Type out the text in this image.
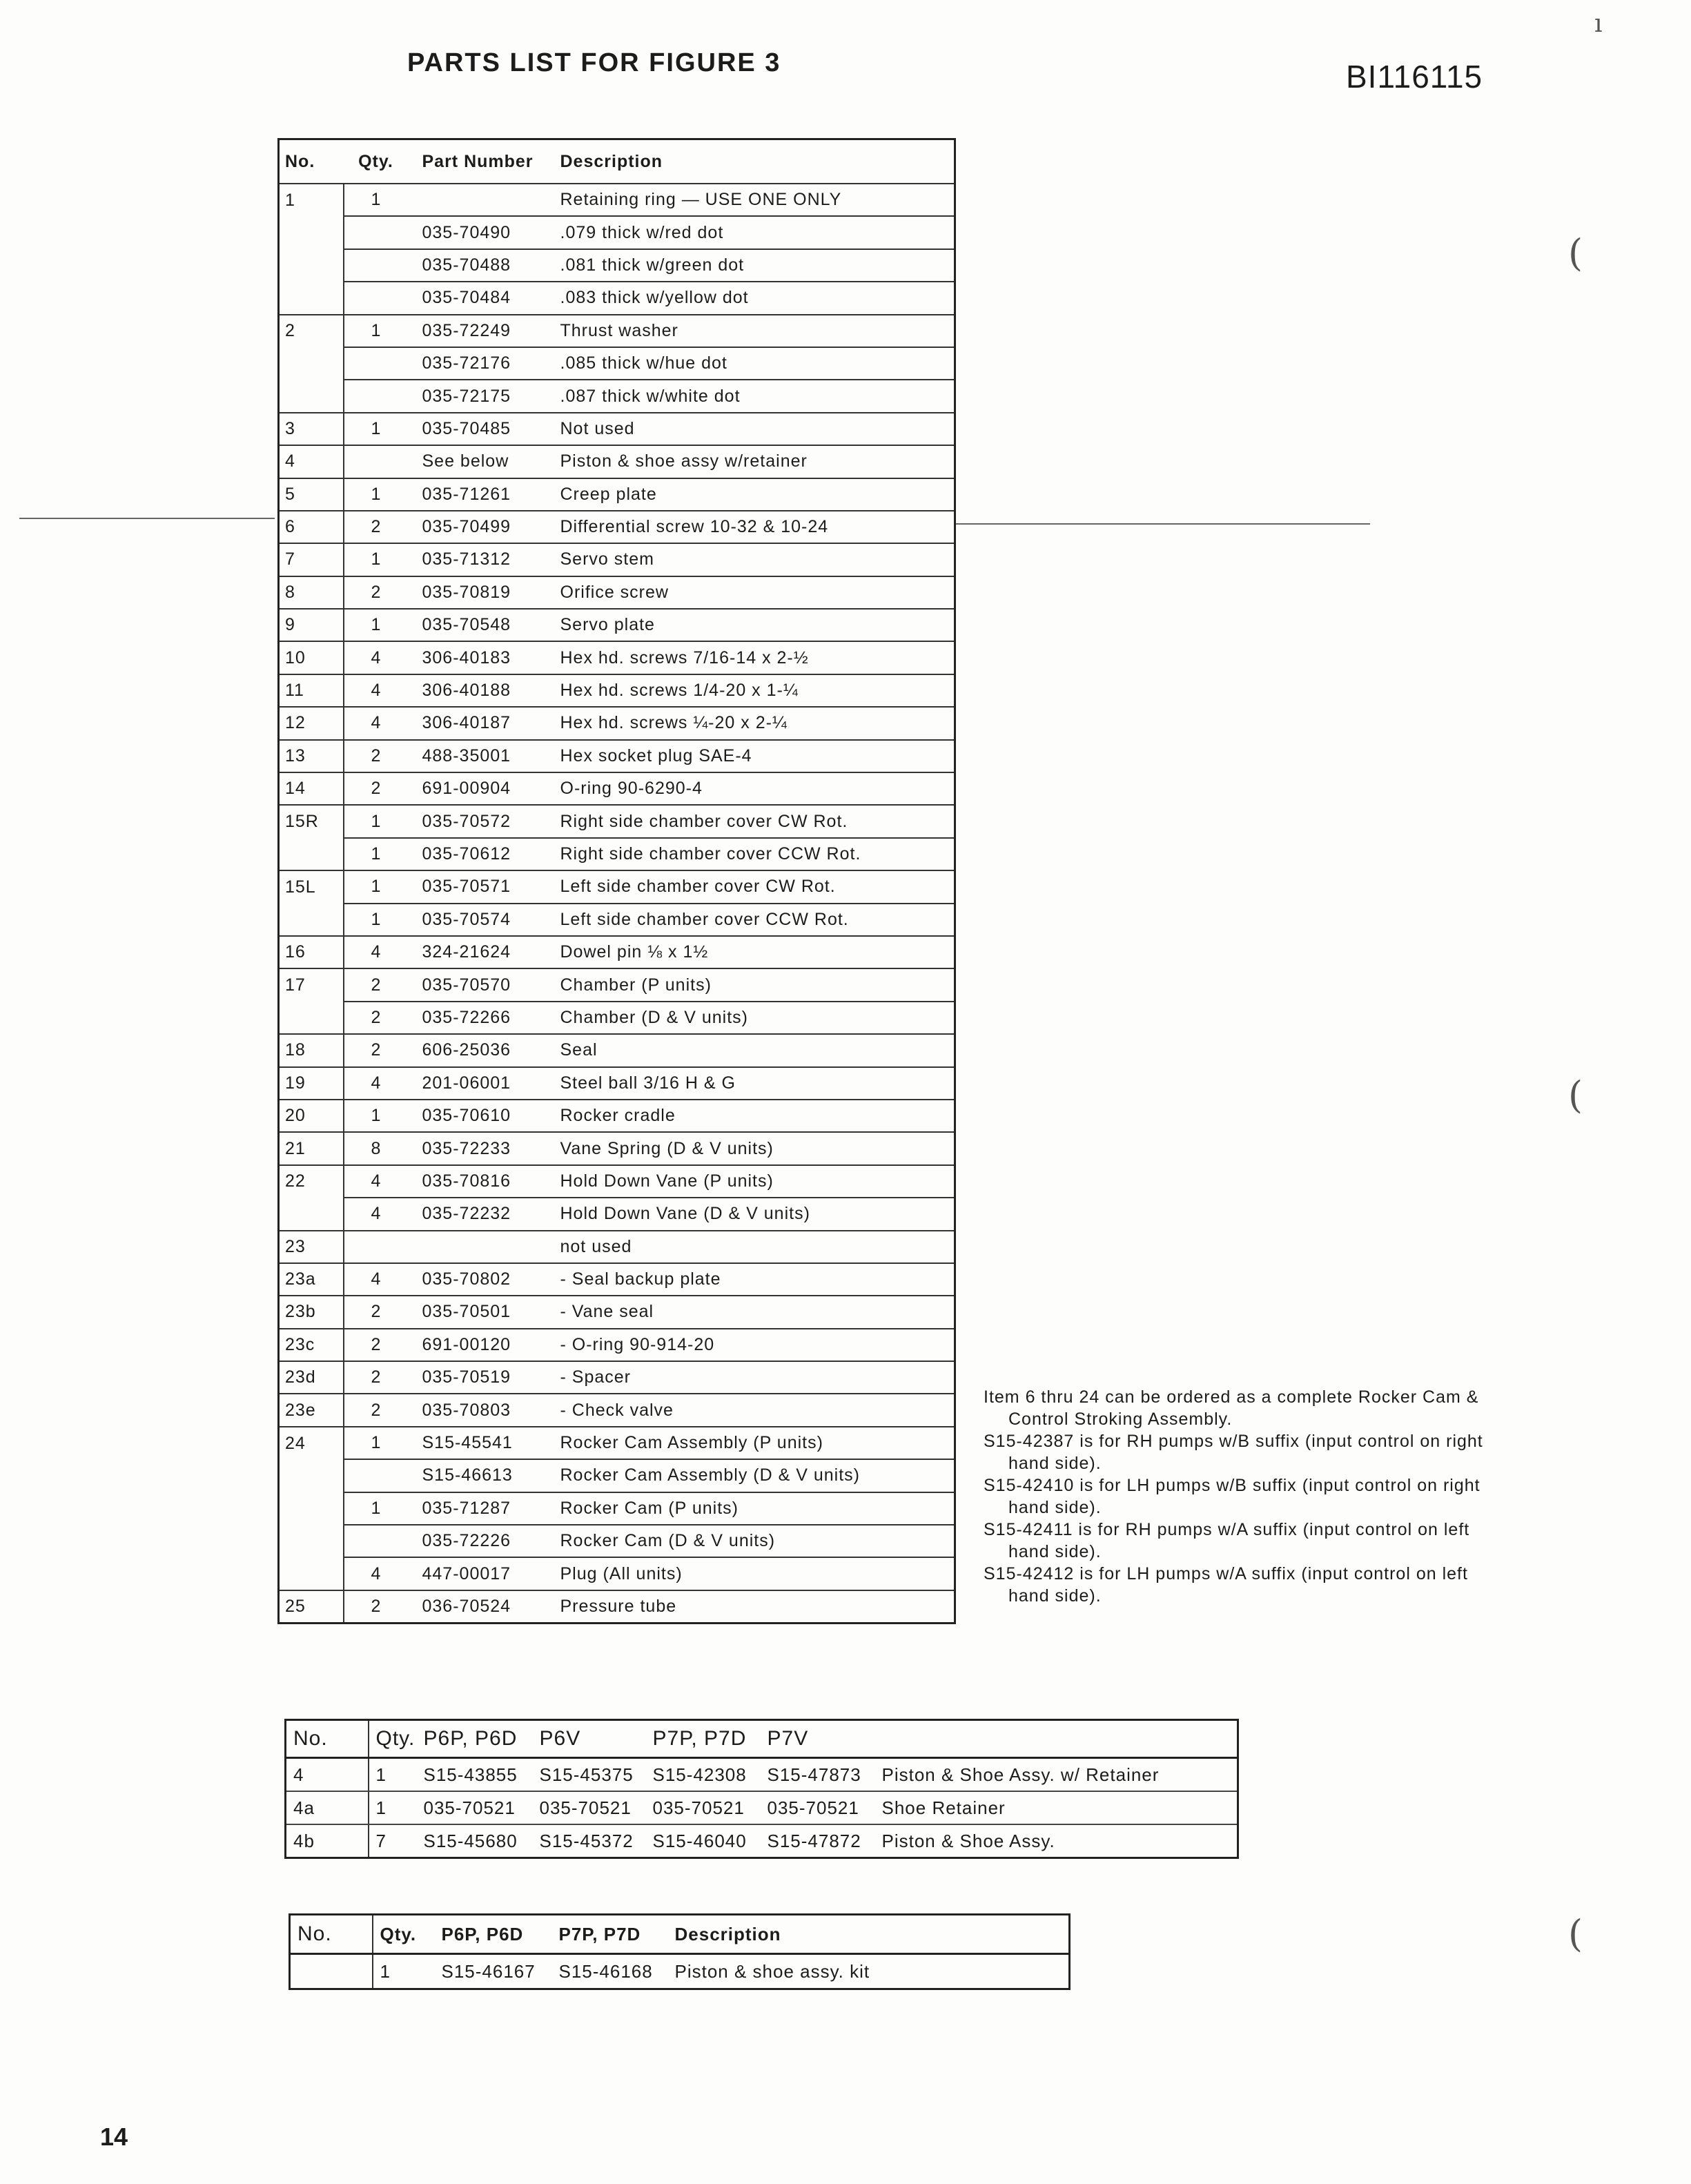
PARTS LIST FOR FIGURE 3	BI116115
ı
(
(
(
No.	Qty.	Part Number	Description
1	1		Retaining ring — USE ONE ONLY
		035-70490	.079 thick w/red dot
		035-70488	.081 thick w/green dot
		035-70484	.083 thick w/yellow dot
2	1	035-72249	Thrust washer
		035-72176	.085 thick w/hue dot
		035-72175	.087 thick w/white dot
3	1	035-70485	Not used
4		See below	Piston & shoe assy w/retainer
5	1	035-71261	Creep plate
6	2	035-70499	Differential screw 10-32 & 10-24
7	1	035-71312	Servo stem
8	2	035-70819	Orifice screw
9	1	035-70548	Servo plate
10	4	306-40183	Hex hd. screws 7/16-14 x 2-½
11	4	306-40188	Hex hd. screws 1/4-20 x 1-¼
12	4	306-40187	Hex hd. screws ¼-20 x 2-¼
13	2	488-35001	Hex socket plug SAE-4
14	2	691-00904	O-ring 90-6290-4
15R	1	035-70572	Right side chamber cover CW Rot.
	1	035-70612	Right side chamber cover CCW Rot.
15L	1	035-70571	Left side chamber cover CW Rot.
	1	035-70574	Left side chamber cover CCW Rot.
16	4	324-21624	Dowel pin ⅛ x 1½
17	2	035-70570	Chamber (P units)
	2	035-72266	Chamber (D & V units)
18	2	606-25036	Seal
19	4	201-06001	Steel ball 3/16 H & G
20	1	035-70610	Rocker cradle
21	8	035-72233	Vane Spring (D & V units)
22	4	035-70816	Hold Down Vane (P units)
	4	035-72232	Hold Down Vane (D & V units)
23			not used
23a	4	035-70802	- Seal backup plate
23b	2	035-70501	- Vane seal
23c	2	691-00120	- O-ring 90-914-20
23d	2	035-70519	- Spacer
23e	2	035-70803	- Check valve
24	1	S15-45541	Rocker Cam Assembly (P units)
		S15-46613	Rocker Cam Assembly (D & V units)
	1	035-71287	Rocker Cam (P units)
		035-72226	Rocker Cam (D & V units)
	4	447-00017	Plug (All units)
25	2	036-70524	Pressure tube

Item 6 thru 24 can be ordered as a complete Rocker Cam & Control Stroking Assembly.

S15-42387 is for RH pumps w/B suffix (input control on right hand side).

S15-42410 is for LH pumps w/B suffix (input control on right hand side).

S15-42411 is for RH pumps w/A suffix (input control on left hand side).

S15-42412 is for LH pumps w/A suffix (input control on left hand side).

No.	Qty.	P6P, P6D	P6V	P7P, P7D	P7V	
4	1	S15-43855	S15-45375	S15-42308	S15-47873	Piston & Shoe Assy. w/ Retainer
4a	1	035-70521	035-70521	035-70521	035-70521	Shoe Retainer
4b	7	S15-45680	S15-45372	S15-46040	S15-47872	Piston & Shoe Assy.
No.	Qty.	P6P, P6D	P7P, P7D	Description
	1	S15-46167	S15-46168	Piston & shoe assy. kit
14
